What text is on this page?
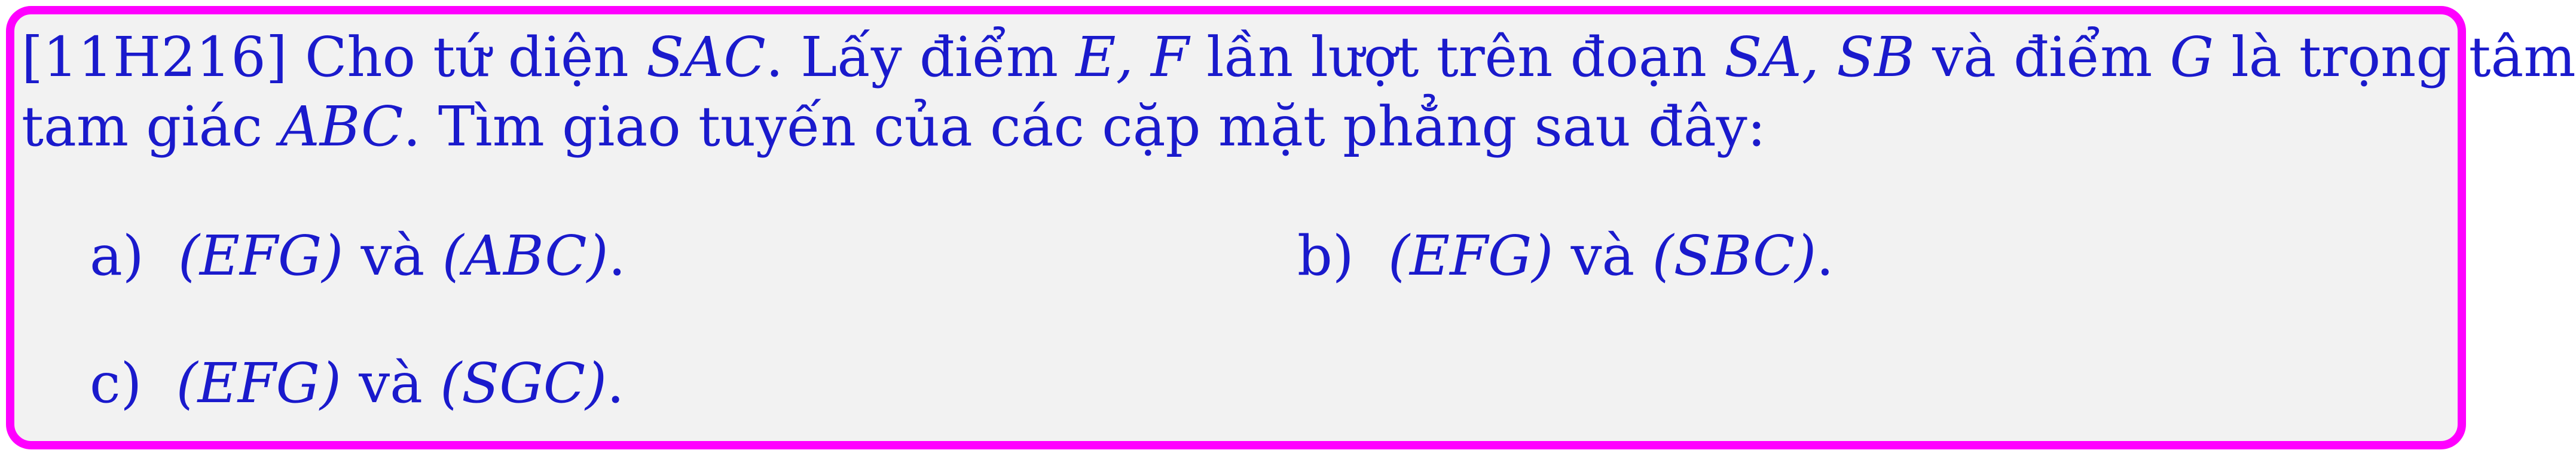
[11H216] Cho tứ diện SAC. Lấy điểm E, F lần lượt trên đoạn SA, SB và điểm G là trọng tâm
tam giác ABC. Tìm giao tuyến của các cặp mặt phẳng sau đây:
a) (EFG) và (ABC).	b) (EFG) và (SBC).
c) (EFG) và (SGC).
